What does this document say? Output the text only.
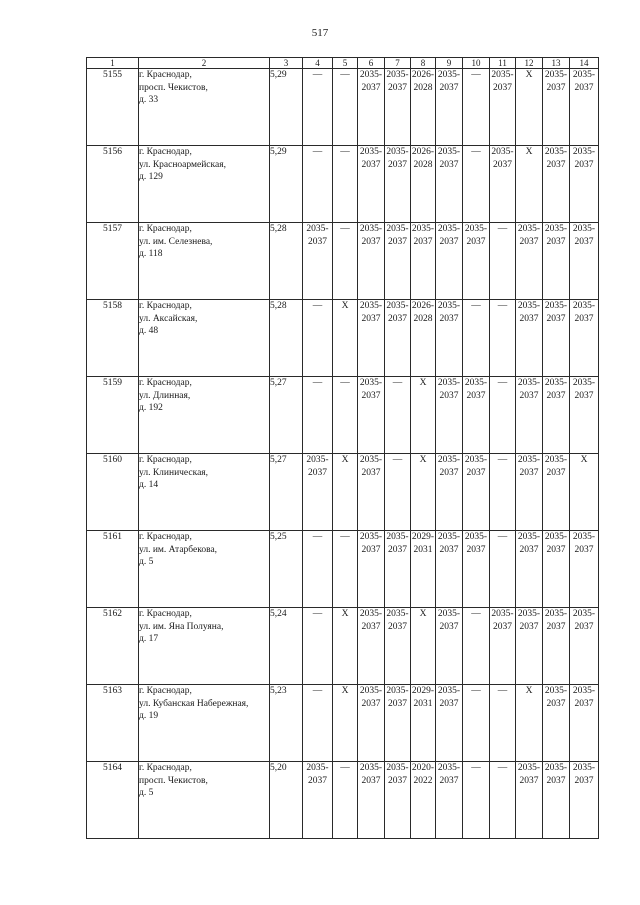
517
1	2	3	4	5	6	7	8	9	10	11	12	13	14
5155	г. Краснодар,
просп. Чекистов,
д. 33	5,29	—	—	2035-
2037	2035-
2037	2026-
2028	2035-
2037	—	2035-
2037	X	2035-
2037	2035-
2037

5156	г. Краснодар,
ул. Красноармейская,
д. 129	5,29	—	—	2035-
2037	2035-
2037	2026-
2028	2035-
2037	—	2035-
2037	X	2035-
2037	2035-
2037

5157	г. Краснодар,
ул. им. Селезнева,
д. 118	5,28	2035-
2037	—	2035-
2037	2035-
2037	2035-
2037	2035-
2037	2035-
2037	—	2035-
2037	2035-
2037	2035-
2037

5158	г. Краснодар,
ул. Аксайская,
д. 48	5,28	—	X	2035-
2037	2035-
2037	2026-
2028	2035-
2037	—	—	2035-
2037	2035-
2037	2035-
2037

5159	г. Краснодар,
ул. Длинная,
д. 192	5,27	—	—	2035-
2037	—	X	2035-
2037	2035-
2037	—	2035-
2037	2035-
2037	2035-
2037

5160	г. Краснодар,
ул. Клиническая,
д. 14	5,27	2035-
2037	X	2035-
2037	—	X	2035-
2037	2035-
2037	—	2035-
2037	2035-
2037	X

5161	г. Краснодар,
ул. им. Атарбекова,
д. 5	5,25	—	—	2035-
2037	2035-
2037	2029-
2031	2035-
2037	2035-
2037	—	2035-
2037	2035-
2037	2035-
2037

5162	г. Краснодар,
ул. им. Яна Полуяна,
д. 17	5,24	—	X	2035-
2037	2035-
2037	X	2035-
2037	—	2035-
2037	2035-
2037	2035-
2037	2035-
2037

5163	г. Краснодар,
ул. Кубанская Набережная,
д. 19	5,23	—	X	2035-
2037	2035-
2037	2029-
2031	2035-
2037	—	—	X	2035-
2037	2035-
2037

5164	г. Краснодар,
просп. Чекистов,
д. 5	5,20	2035-
2037	—	2035-
2037	2035-
2037	2020-
2022	2035-
2037	—	—	2035-
2037	2035-
2037	2035-
2037
